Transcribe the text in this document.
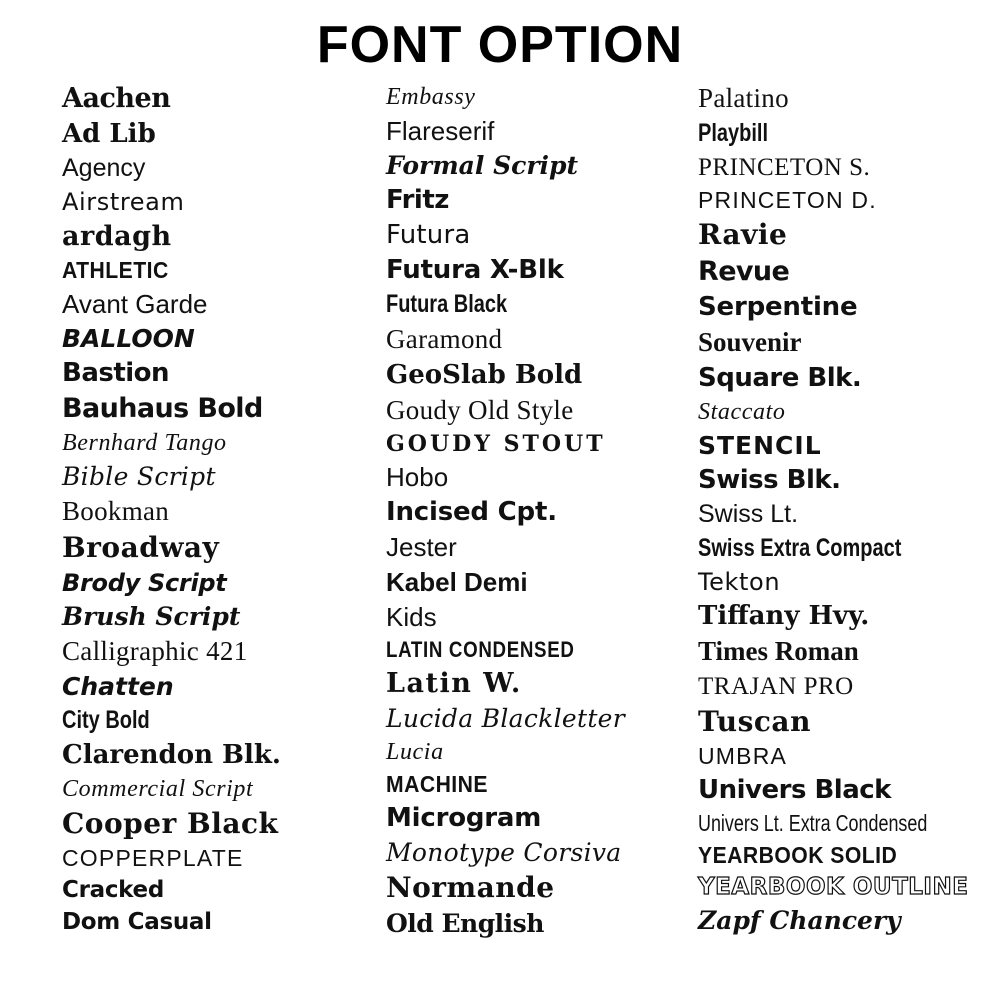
FONT OPTION
Aachen
Ad Lib
Agency
Airstream
ardagh
ATHLETIC
Avant Garde
BALLOON
Bastion
Bauhaus Bold
Bernhard Tango
Bible Script
Bookman
Broadway
Brody Script
Brush Script
Calligraphic 421
Chatten
City Bold
Clarendon Blk.
Commercial Script
Cooper Black
COPPERPLATE
Cracked
Dom Casual
Embassy
Flareserif
Formal Script
Fritz
Futura
Futura X-Blk
Futura Black
Garamond
GeoSlab Bold
Goudy Old Style
GOUDY STOUT
Hobo
Incised Cpt.
Jester
Kabel Demi
Kids
LATIN CONDENSED
Latin W.
Lucida Blackletter
Lucia
MACHINE
Microgram
Monotype Corsiva
Normande
Old English
Palatino
Playbill
PRINCETON S.
PRINCETON D.
Ravie
Revue
Serpentine
Souvenir
Square Blk.
Staccato
STENCIL
Swiss Blk.
Swiss Lt.
Swiss Extra Compact
Tekton
Tiffany Hvy.
Times Roman
TRAJAN PRO
Tuscan
UMBRA
Univers Black
Univers Lt. Extra Condensed
YEARBOOK SOLID
YEARBOOK OUTLINE
Zapf Chancery
